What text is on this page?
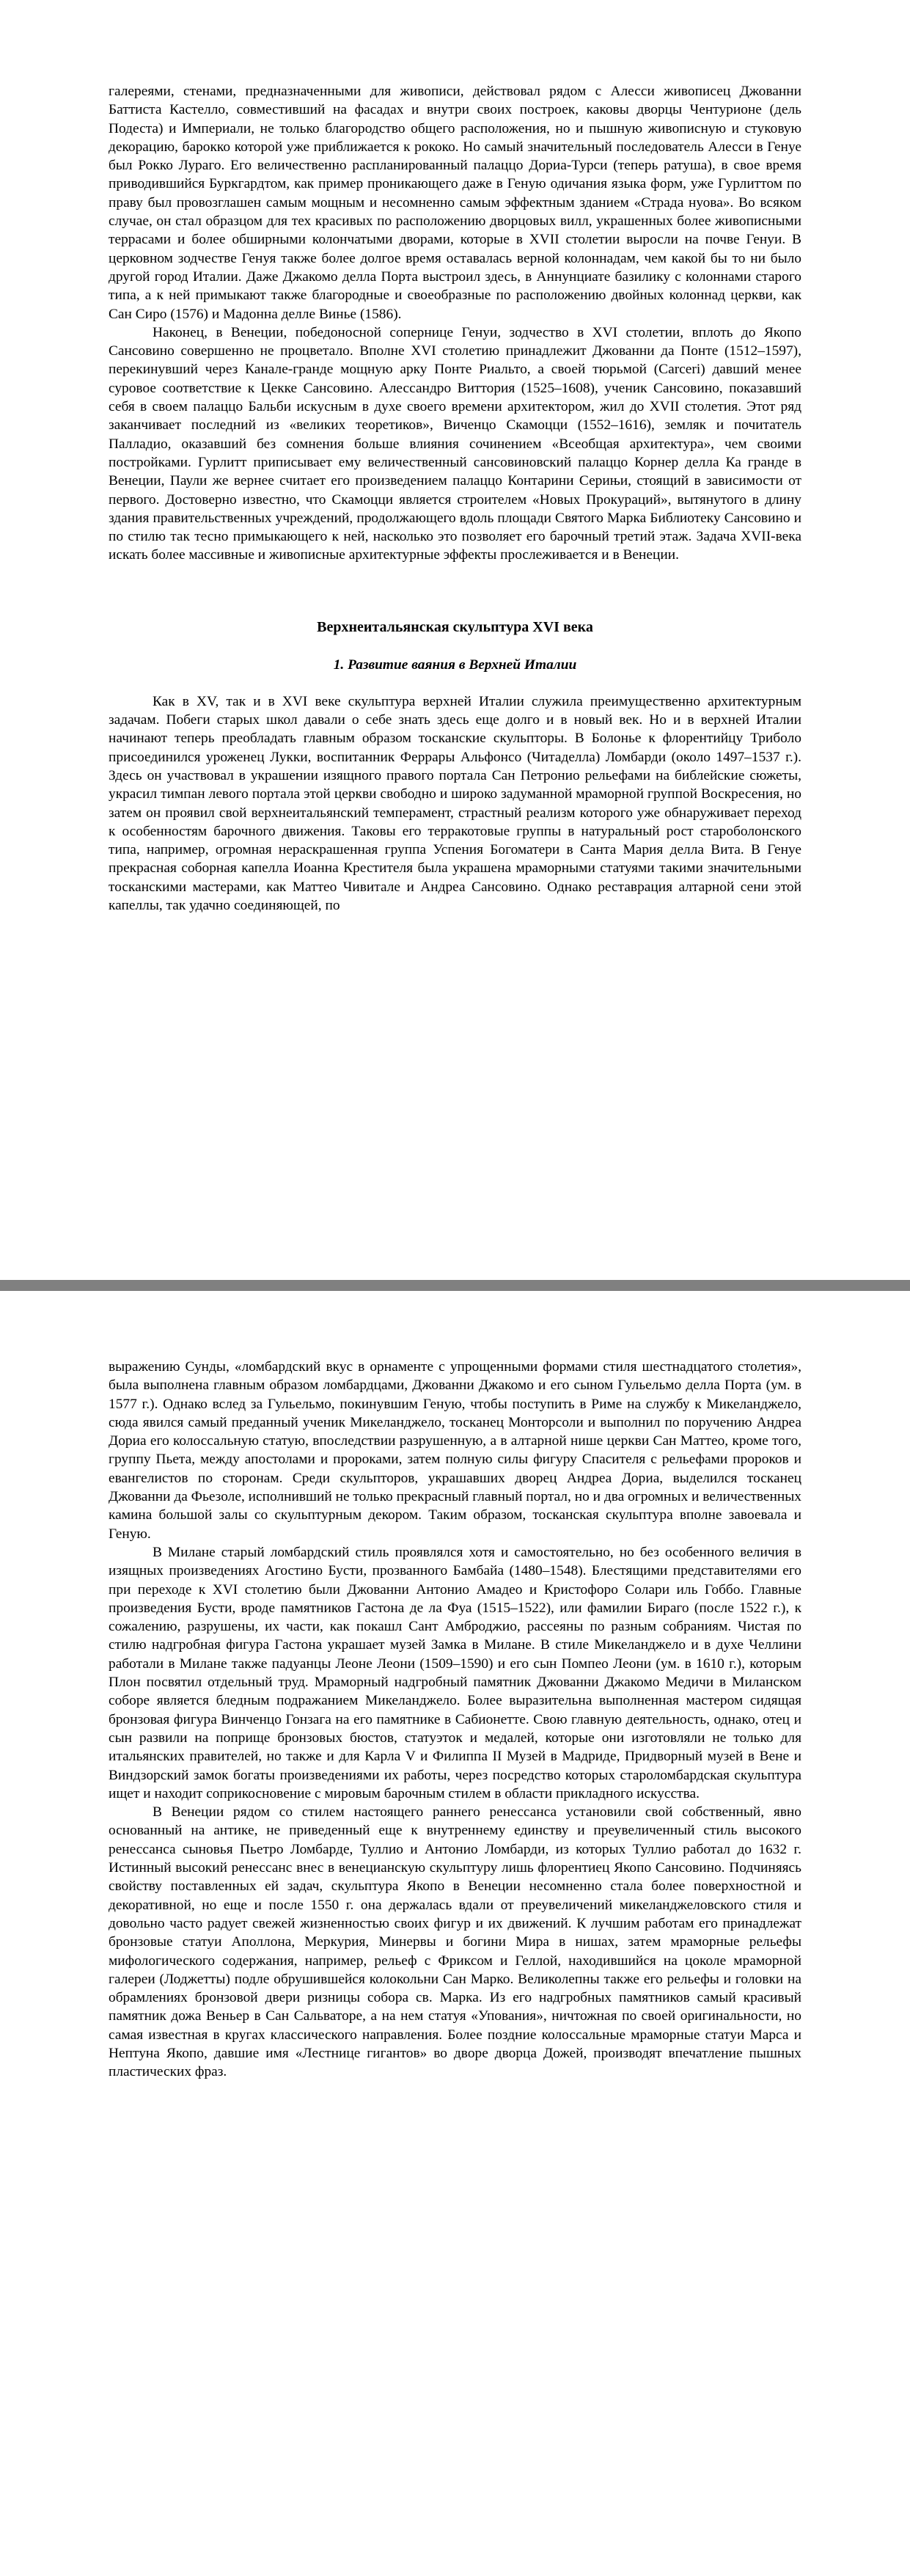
галереями, стенами, предназначенными для живописи, действовал рядом с Алесси живописец Джованни Баттиста Кастелло, совместивший на фасадах и внутри своих построек, каковы дворцы Чентурионе (дель Подеста) и Империали, не только благородство общего расположения, но и пышную живописную и стуковую декорацию, барокко которой уже приближается к рококо. Но самый значительный последователь Алесси в Генуе был Рокко Лураго. Его величественно распланированный палаццо Дориа-Турси (теперь ратуша), в свое время приводившийся Буркгардтом, как пример проникающего даже в Геную одичания языка форм, уже Гурлиттом по праву был провозглашен самым мощным и несомненно самым эффектным зданием «Страда нуова». Во всяком случае, он стал образцом для тех красивых по расположению дворцовых вилл, украшенных более живописными террасами и более обширными колончатыми дворами, которые в XVII столетии выросли на почве Генуи. В церковном зодчестве Генуя также более долгое время оставалась верной колоннадам, чем какой бы то ни было другой город Италии. Даже Джакомо делла Порта выстроил здесь, в Аннунциате базилику с колоннами старого типа, а к ней примыкают также благородные и своеобразные по расположению двойных колоннад церкви, как Сан Сиро (1576) и Мадонна делле Винье (1586).

Наконец, в Венеции, победоносной сопернице Генуи, зодчество в XVI столетии, вплоть до Якопо Сансовино совершенно не процветало. Вполне XVI столетию принадлежит Джованни да Понте (1512–1597), перекинувший через Канале-гранде мощную арку Понте Риальто, а своей тюрьмой (Carceri) давший менее суровое соответствие к Цекке Сансовино. Алессандро Виттория (1525–1608), ученик Сансовино, показавший себя в своем палаццо Бальби искусным в духе своего времени архитектором, жил до XVII столетия. Этот ряд заканчивает последний из «великих теоретиков», Виченцо Скамоцци (1552–1616), земляк и почитатель Палладио, оказавший без сомнения больше влияния сочинением «Всеобщая архитектура», чем своими постройками. Гурлитт приписывает ему величественный сансовиновский палаццо Корнер делла Ка гранде в Венеции, Паули же вернее считает его произведением палаццо Контарини Серињи, стоящий в зависимости от первого. Достоверно известно, что Скамоцци является строителем «Новых Прокураций», вытянутого в длину здания правительственных учреждений, продолжающего вдоль площади Святого Марка Библиотеку Сансовино и по стилю так тесно примыкающего к ней, насколько это позволяет его барочный третий этаж. Задача XVII-века искать более массивные и живописные архитектурные эффекты прослеживается и в Венеции.

Верхнеитальянская скульптура XVI века
1. Развитие ваяния в Верхней Италии

Как в XV, так и в XVI веке скульптура верхней Италии служила преимущественно архитектурным задачам. Побеги старых школ давали о себе знать здесь еще долго и в новый век. Но и в верхней Италии начинают теперь преобладать главным образом тосканские скульпторы. В Болонье к флорентийцу Триболо присоединился уроженец Лукки, воспитанник Феррары Альфонсо (Читаделла) Ломбарди (около 1497–1537 г.). Здесь он участвовал в украшении изящного правого портала Сан Петронио рельефами на библейские сюжеты, украсил тимпан левого портала этой церкви свободно и широко задуманной мраморной группой Воскресения, но затем он проявил свой верхнеитальянский темперамент, страстный реализм которого уже обнаруживает переход к особенностям барочного движения. Таковы его терракотовые группы в натуральный рост староболонского типа, например, огромная нераскрашенная группа Успения Богоматери в Санта Мария делла Вита. В Генуе прекрасная соборная капелла Иоанна Крестителя была украшена мраморными статуями такими значительными тосканскими мастерами, как Маттео Чивитале и Андреа Сансовино. Однако реставрация алтарной сени этой капеллы, так удачно соединяющей, по

выражению Сунды, «ломбардский вкус в орнаменте с упрощенными формами стиля шестнадцатого столетия», была выполнена главным образом ломбардцами, Джованни Джакомо и его сыном Гульельмо делла Порта (ум. в 1577 г.). Однако вслед за Гульельмо, покинувшим Геную, чтобы поступить в Риме на службу к Микеланджело, сюда явился самый преданный ученик Микеланджело, тосканец Монторсоли и выполнил по поручению Андреа Дориа его колоссальную статую, впоследствии разрушенную, а в алтарной нише церкви Сан Маттео, кроме того, группу Пьета, между апостолами и пророками, затем полную силы фигуру Спасителя с рельефами пророков и евангелистов по сторонам. Среди скульпторов, украшавших дворец Андреа Дориа, выделился тосканец Джованни да Фьезоле, исполнивший не только прекрасный главный портал, но и два огромных и величественных камина большой залы со скульптурным декором. Таким образом, тосканская скульптура вполне завоевала и Геную.

В Милане старый ломбардский стиль проявлялся хотя и самостоятельно, но без особенного величия в изящных произведениях Агостино Бусти, прозванного Бамбайа (1480–1548). Блестящими представителями его при переходе к XVI столетию были Джованни Антонио Амадео и Кристофоро Солари иль Гоббо. Главные произведения Бусти, вроде памятников Гастона де ла Фуа (1515–1522), или фамилии Бираго (после 1522 г.), к сожалению, разрушены, их части, как покашл Сант Амброджио, рассеяны по разным собраниям. Чистая по стилю надгробная фигура Гастона украшает музей Замка в Милане. В стиле Микеланджело и в духе Челлини работали в Милане также падуанцы Леоне Леони (1509–1590) и его сын Помпео Леони (ум. в 1610 г.), которым Плон посвятил отдельный труд. Мраморный надгробный памятник Джованни Джакомо Медичи в Миланском соборе является бледным подражанием Микеланджело. Более выразительна выполненная мастером сидящая бронзовая фигура Винченцо Гонзага на его памятнике в Сабионетте. Свою главную деятельность, однако, отец и сын развили на поприще бронзовых бюстов, статуэток и медалей, которые они изготовляли не только для итальянских правителей, но также и для Карла V и Филиппа II Музей в Мадриде, Придворный музей в Вене и Виндзорский замок богаты произведениями их работы, через посредство которых староломбардская скульптура ищет и находит соприкосновение с мировым барочным стилем в области прикладного искусства.

В Венеции рядом со стилем настоящего раннего ренессанса установили свой собственный, явно основанный на антике, не приведенный еще к внутреннему единству и преувеличенный стиль высокого ренессанса сыновья Пьетро Ломбарде, Туллио и Антонио Ломбарди, из которых Туллио работал до 1632 г. Истинный высокий ренессанс внес в венецианскую скульптуру лишь флорентиец Якопо Сансовино. Подчиняясь свойству поставленных ей задач, скульптура Якопо в Венеции несомненно стала более поверхностной и декоративной, но еще и после 1550 г. она держалась вдали от преувеличений микеланджеловского стиля и довольно часто радует свежей жизненностью своих фигур и их движений. К лучшим работам его принадлежат бронзовые статуи Аполлона, Меркурия, Минервы и богини Мира в нишах, затем мраморные рельефы мифологического содержания, например, рельеф с Фриксом и Геллой, находившийся на цоколе мраморной галереи (Лоджетты) подле обрушившейся колокольни Сан Марко. Великолепны также его рельефы и головки на обрамлениях бронзовой двери ризницы собора св. Марка. Из его надгробных памятников самый красивый памятник дожа Веньер в Сан Сальваторе, а на нем статуя «Упования», ничтожная по своей оригинальности, но самая известная в кругах классического направления. Более поздние колоссальные мраморные статуи Марса и Нептуна Якопо, давшие имя «Лестнице гигантов» во дворе дворца Дожей, производят впечатление пышных пластических фраз.
